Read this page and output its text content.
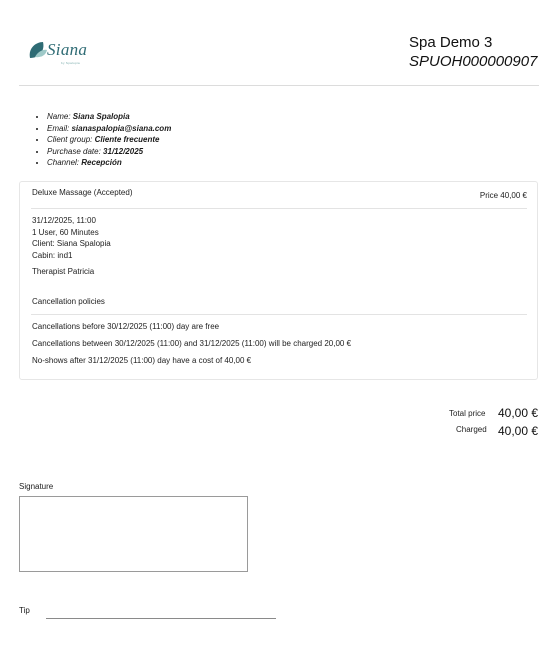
Siana
by Spalopia
Spa Demo 3
SPUOH000000907
• Name: Siana Spalopia
• Email: sianaspalopia@siana.com
• Client group: Cliente frecuente
• Purchase date: 31/12/2025
• Channel: Recepción
Deluxe Massage (Accepted)	Price 40,00 €
31/12/2025, 11:00
1 User, 60 Minutes
Client: Siana Spalopia
Cabin: ind1
Therapist Patricia
Cancellation policies
Cancellations before 30/12/2025 (11:00) day are free
Cancellations between 30/12/2025 (11:00) and 31/12/2025 (11:00) will be charged 20,00 €
No-shows after 31/12/2025 (11:00) day have a cost of 40,00 €
Total price 40,00 €
Charged 40,00 €
Signature
Tip
